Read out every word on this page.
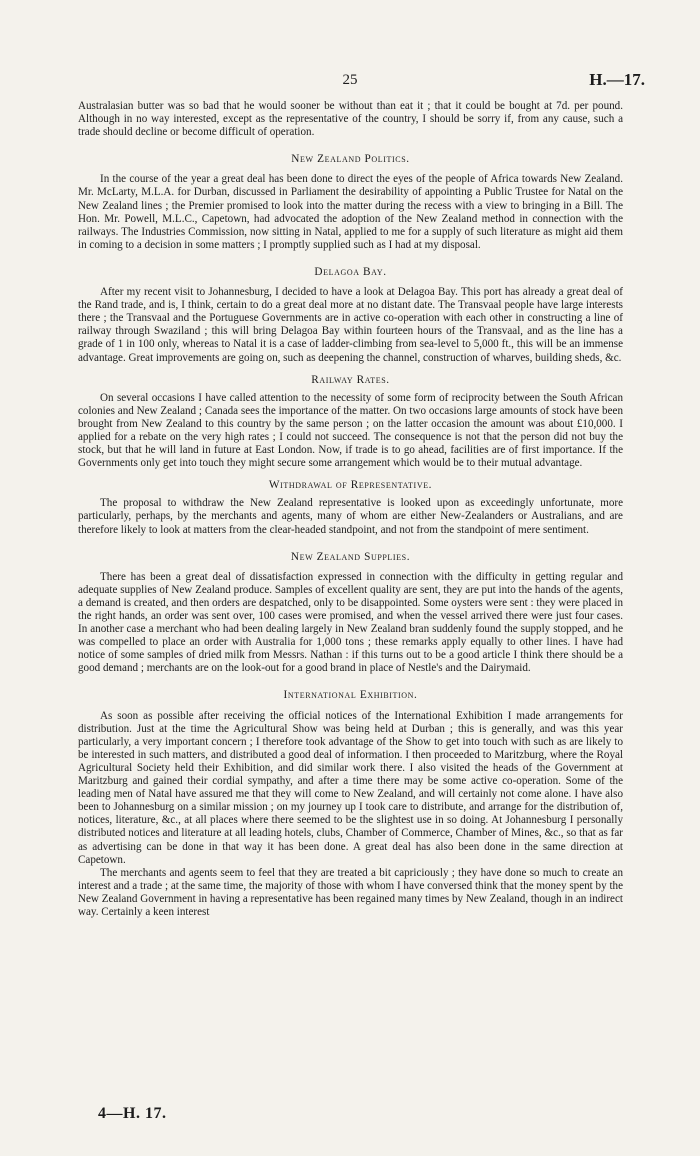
25	H.—17.

Australasian butter was so bad that he would sooner be without than eat it ; that it could be bought at 7d. per pound. Although in no way interested, except as the representative of the country, I should be sorry if, from any cause, such a trade should decline or become difficult of operation.

New Zealand Politics.

In the course of the year a great deal has been done to direct the eyes of the people of Africa towards New Zealand. Mr. McLarty, M.L.A. for Durban, discussed in Parliament the desirability of appointing a Public Trustee for Natal on the New Zealand lines ; the Premier promised to look into the matter during the recess with a view to bringing in a Bill. The Hon. Mr. Powell, M.L.C., Capetown, had advocated the adoption of the New Zealand method in connection with the railways. The Industries Commission, now sitting in Natal, applied to me for a supply of such literature as might aid them in coming to a decision in some matters ; I promptly supplied such as I had at my disposal.

Delagoa Bay.

After my recent visit to Johannesburg, I decided to have a look at Delagoa Bay. This port has already a great deal of the Rand trade, and is, I think, certain to do a great deal more at no distant date. The Transvaal people have large interests there ; the Transvaal and the Portuguese Governments are in active co-operation with each other in constructing a line of railway through Swaziland ; this will bring Delagoa Bay within fourteen hours of the Transvaal, and as the line has a grade of 1 in 100 only, whereas to Natal it is a case of ladder-climbing from sea-level to 5,000 ft., this will be an immense advantage. Great improvements are going on, such as deepening the channel, construction of wharves, building sheds, &c.

Railway Rates.

On several occasions I have called attention to the necessity of some form of reciprocity between the South African colonies and New Zealand ; Canada sees the importance of the matter. On two occasions large amounts of stock have been brought from New Zealand to this country by the same person ; on the latter occasion the amount was about £10,000. I applied for a rebate on the very high rates ; I could not succeed. The consequence is not that the person did not buy the stock, but that he will land in future at East London. Now, if trade is to go ahead, facilities are of first importance. If the Governments only get into touch they might secure some arrangement which would be to their mutual advantage.

Withdrawal of Representative.

The proposal to withdraw the New Zealand representative is looked upon as exceedingly unfortunate, more particularly, perhaps, by the merchants and agents, many of whom are either New-Zealanders or Australians, and are therefore likely to look at matters from the clear-headed standpoint, and not from the standpoint of mere sentiment.

New Zealand Supplies.

There has been a great deal of dissatisfaction expressed in connection with the difficulty in getting regular and adequate supplies of New Zealand produce. Samples of excellent quality are sent, they are put into the hands of the agents, a demand is created, and then orders are despatched, only to be disappointed. Some oysters were sent : they were placed in the right hands, an order was sent over, 100 cases were promised, and when the vessel arrived there were just four cases. In another case a merchant who had been dealing largely in New Zealand bran suddenly found the supply stopped, and he was compelled to place an order with Australia for 1,000 tons ; these remarks apply equally to other lines. I have had notice of some samples of dried milk from Messrs. Nathan : if this turns out to be a good article I think there should be a good demand ; merchants are on the look-out for a good brand in place of Nestle's and the Dairymaid.

International Exhibition.

As soon as possible after receiving the official notices of the International Exhibition I made arrangements for distribution. Just at the time the Agricultural Show was being held at Durban ; this is generally, and was this year particularly, a very important concern ; I therefore took advantage of the Show to get into touch with such as are likely to be interested in such matters, and distributed a good deal of information. I then proceeded to Maritzburg, where the Royal Agricultural Society held their Exhibition, and did similar work there. I also visited the heads of the Government at Maritzburg and gained their cordial sympathy, and after a time there may be some active co-operation. Some of the leading men of Natal have assured me that they will come to New Zealand, and will certainly not come alone. I have also been to Johannesburg on a similar mission ; on my journey up I took care to distribute, and arrange for the distribution of, notices, literature, &c., at all places where there seemed to be the slightest use in so doing. At Johannesburg I personally distributed notices and literature at all leading hotels, clubs, Chamber of Commerce, Chamber of Mines, &c., so that as far as advertising can be done in that way it has been done. A great deal has also been done in the same direction at Capetown.

The merchants and agents seem to feel that they are treated a bit capriciously ; they have done so much to create an interest and a trade ; at the same time, the majority of those with whom I have conversed think that the money spent by the New Zealand Government in having a representative has been regained many times by New Zealand, though in an indirect way. Certainly a keen interest

4—H. 17.
